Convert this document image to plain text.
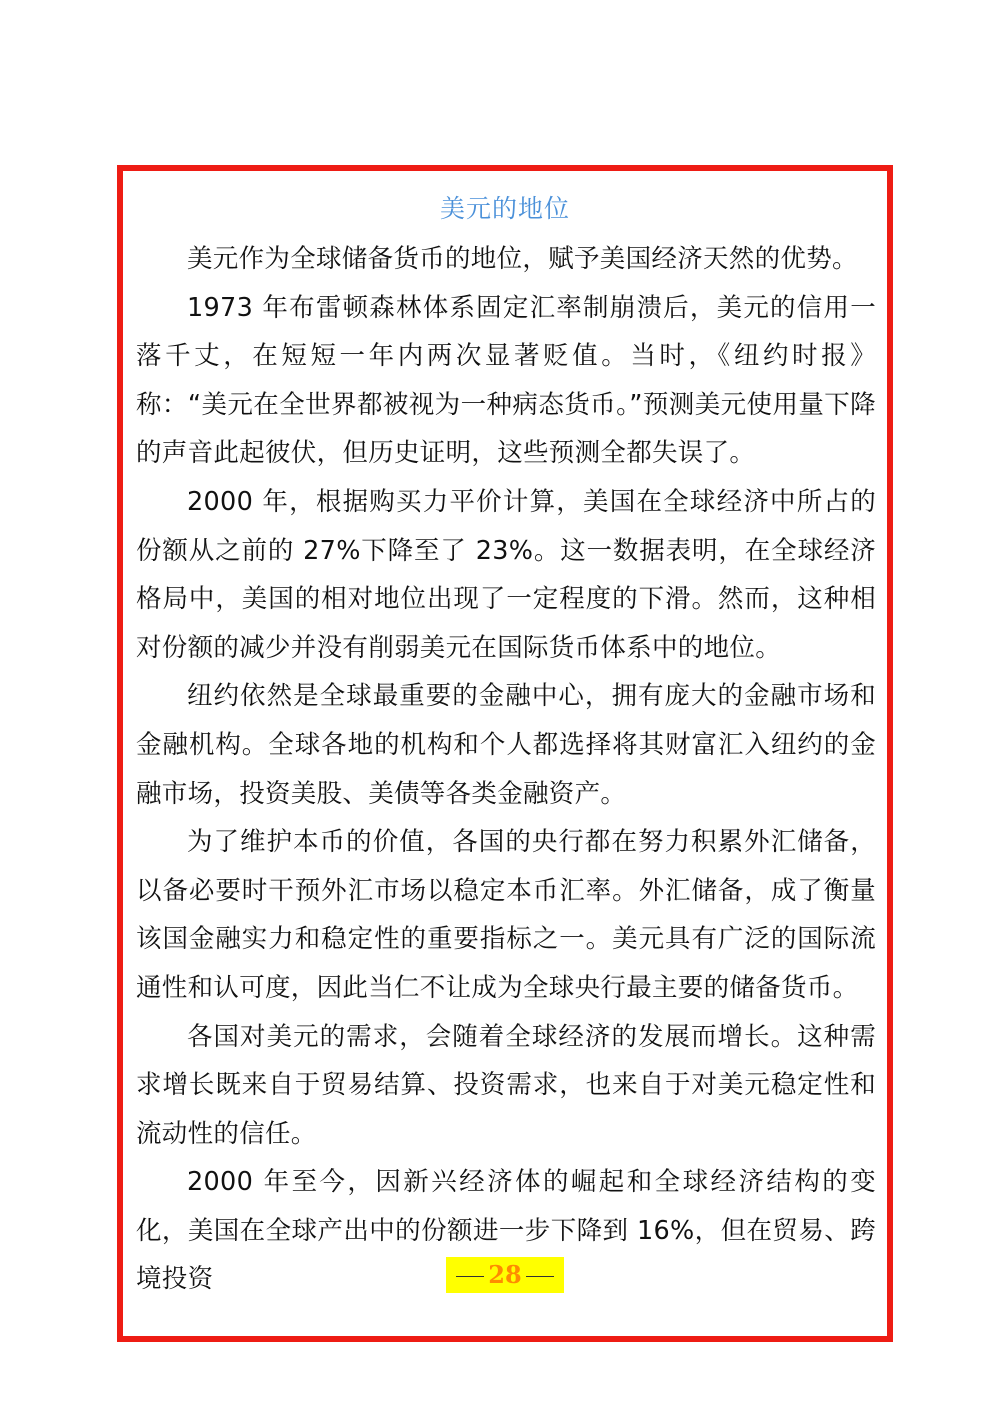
美元的地位

美元作为全球储备货币的地位，赋予美国经济天然的优势。

1973 年布雷顿森林体系固定汇率制崩溃后，美元的信用一落千丈，在短短一年内两次显著贬值。当时，《纽约时报》称：“美元在全世界都被视为一种病态货币。”预测美元使用量下降的声音此起彼伏，但历史证明，这些预测全都失误了。

2000 年，根据购买力平价计算，美国在全球经济中所占的份额从之前的 27%下降至了 23%。这一数据表明，在全球经济格局中，美国的相对地位出现了一定程度的下滑。然而，这种相对份额的减少并没有削弱美元在国际货币体系中的地位。

纽约依然是全球最重要的金融中心，拥有庞大的金融市场和金融机构。全球各地的机构和个人都选择将其财富汇入纽约的金融市场，投资美股、美债等各类金融资产。

为了维护本币的价值，各国的央行都在努力积累外汇储备，以备必要时干预外汇市场以稳定本币汇率。外汇储备，成了衡量该国金融实力和稳定性的重要指标之一。美元具有广泛的国际流通性和认可度，因此当仁不让成为全球央行最主要的储备货币。

各国对美元的需求，会随着全球经济的发展而增长。这种需求增长既来自于贸易结算、投资需求，也来自于对美元稳定性和流动性的信任。

2000 年至今，因新兴经济体的崛起和全球经济结构的变化，美国在全球产出中的份额进一步下降到 16%，但在贸易、跨境投资	28
